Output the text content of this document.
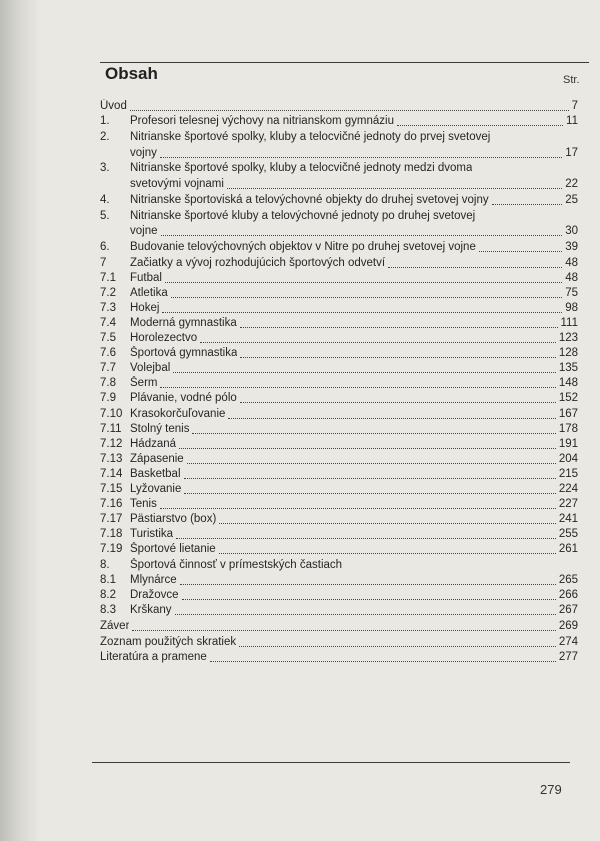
Obsah	Str.
Úvod	7
1.	Profesori telesnej výchovy na nitrianskom gymnáziu	11
2.	Nitrianske športové spolky, kluby a telocvičné jednoty do prvej svetovej
vojny	17
3.	Nitrianske športové spolky, kluby a telocvičné jednoty medzi dvoma
svetovými vojnami	22
4.	Nitrianske športoviská a telovýchovné objekty do druhej svetovej vojny	25
5.	Nitrianske športové kluby a telovýchovné jednoty po druhej svetovej
vojne	30
6.	Budovanie telovýchovných objektov v Nitre po druhej svetovej vojne	39
7	Začiatky a vývoj rozhodujúcich športových odvetví	48
7.1	Futbal	48
7.2	Atletika	75
7.3	Hokej	98
7.4	Moderná gymnastika	111
7.5	Horolezectvo	123
7.6	Športová gymnastika	128
7.7	Volejbal	135
7.8	Šerm	148
7.9	Plávanie, vodné pólo	152
7.10 Krasokorčuľovanie	167
7.11 Stolný tenis	178
7.12 Hádzaná	191
7.13 Zápasenie	204
7.14 Basketbal	215
7.15 Lyžovanie	224
7.16 Tenis	227
7.17 Pästiarstvo (box)	241
7.18 Turistika	255
7.19 Športové lietanie	261
8.	Športová činnosť v prímestských častiach
8.1	Mlynárce	265
8.2	Dražovce	266
8.3	Krškany	267
Záver	269
Zoznam použitých skratiek	274
Literatúra a pramene	277
279
